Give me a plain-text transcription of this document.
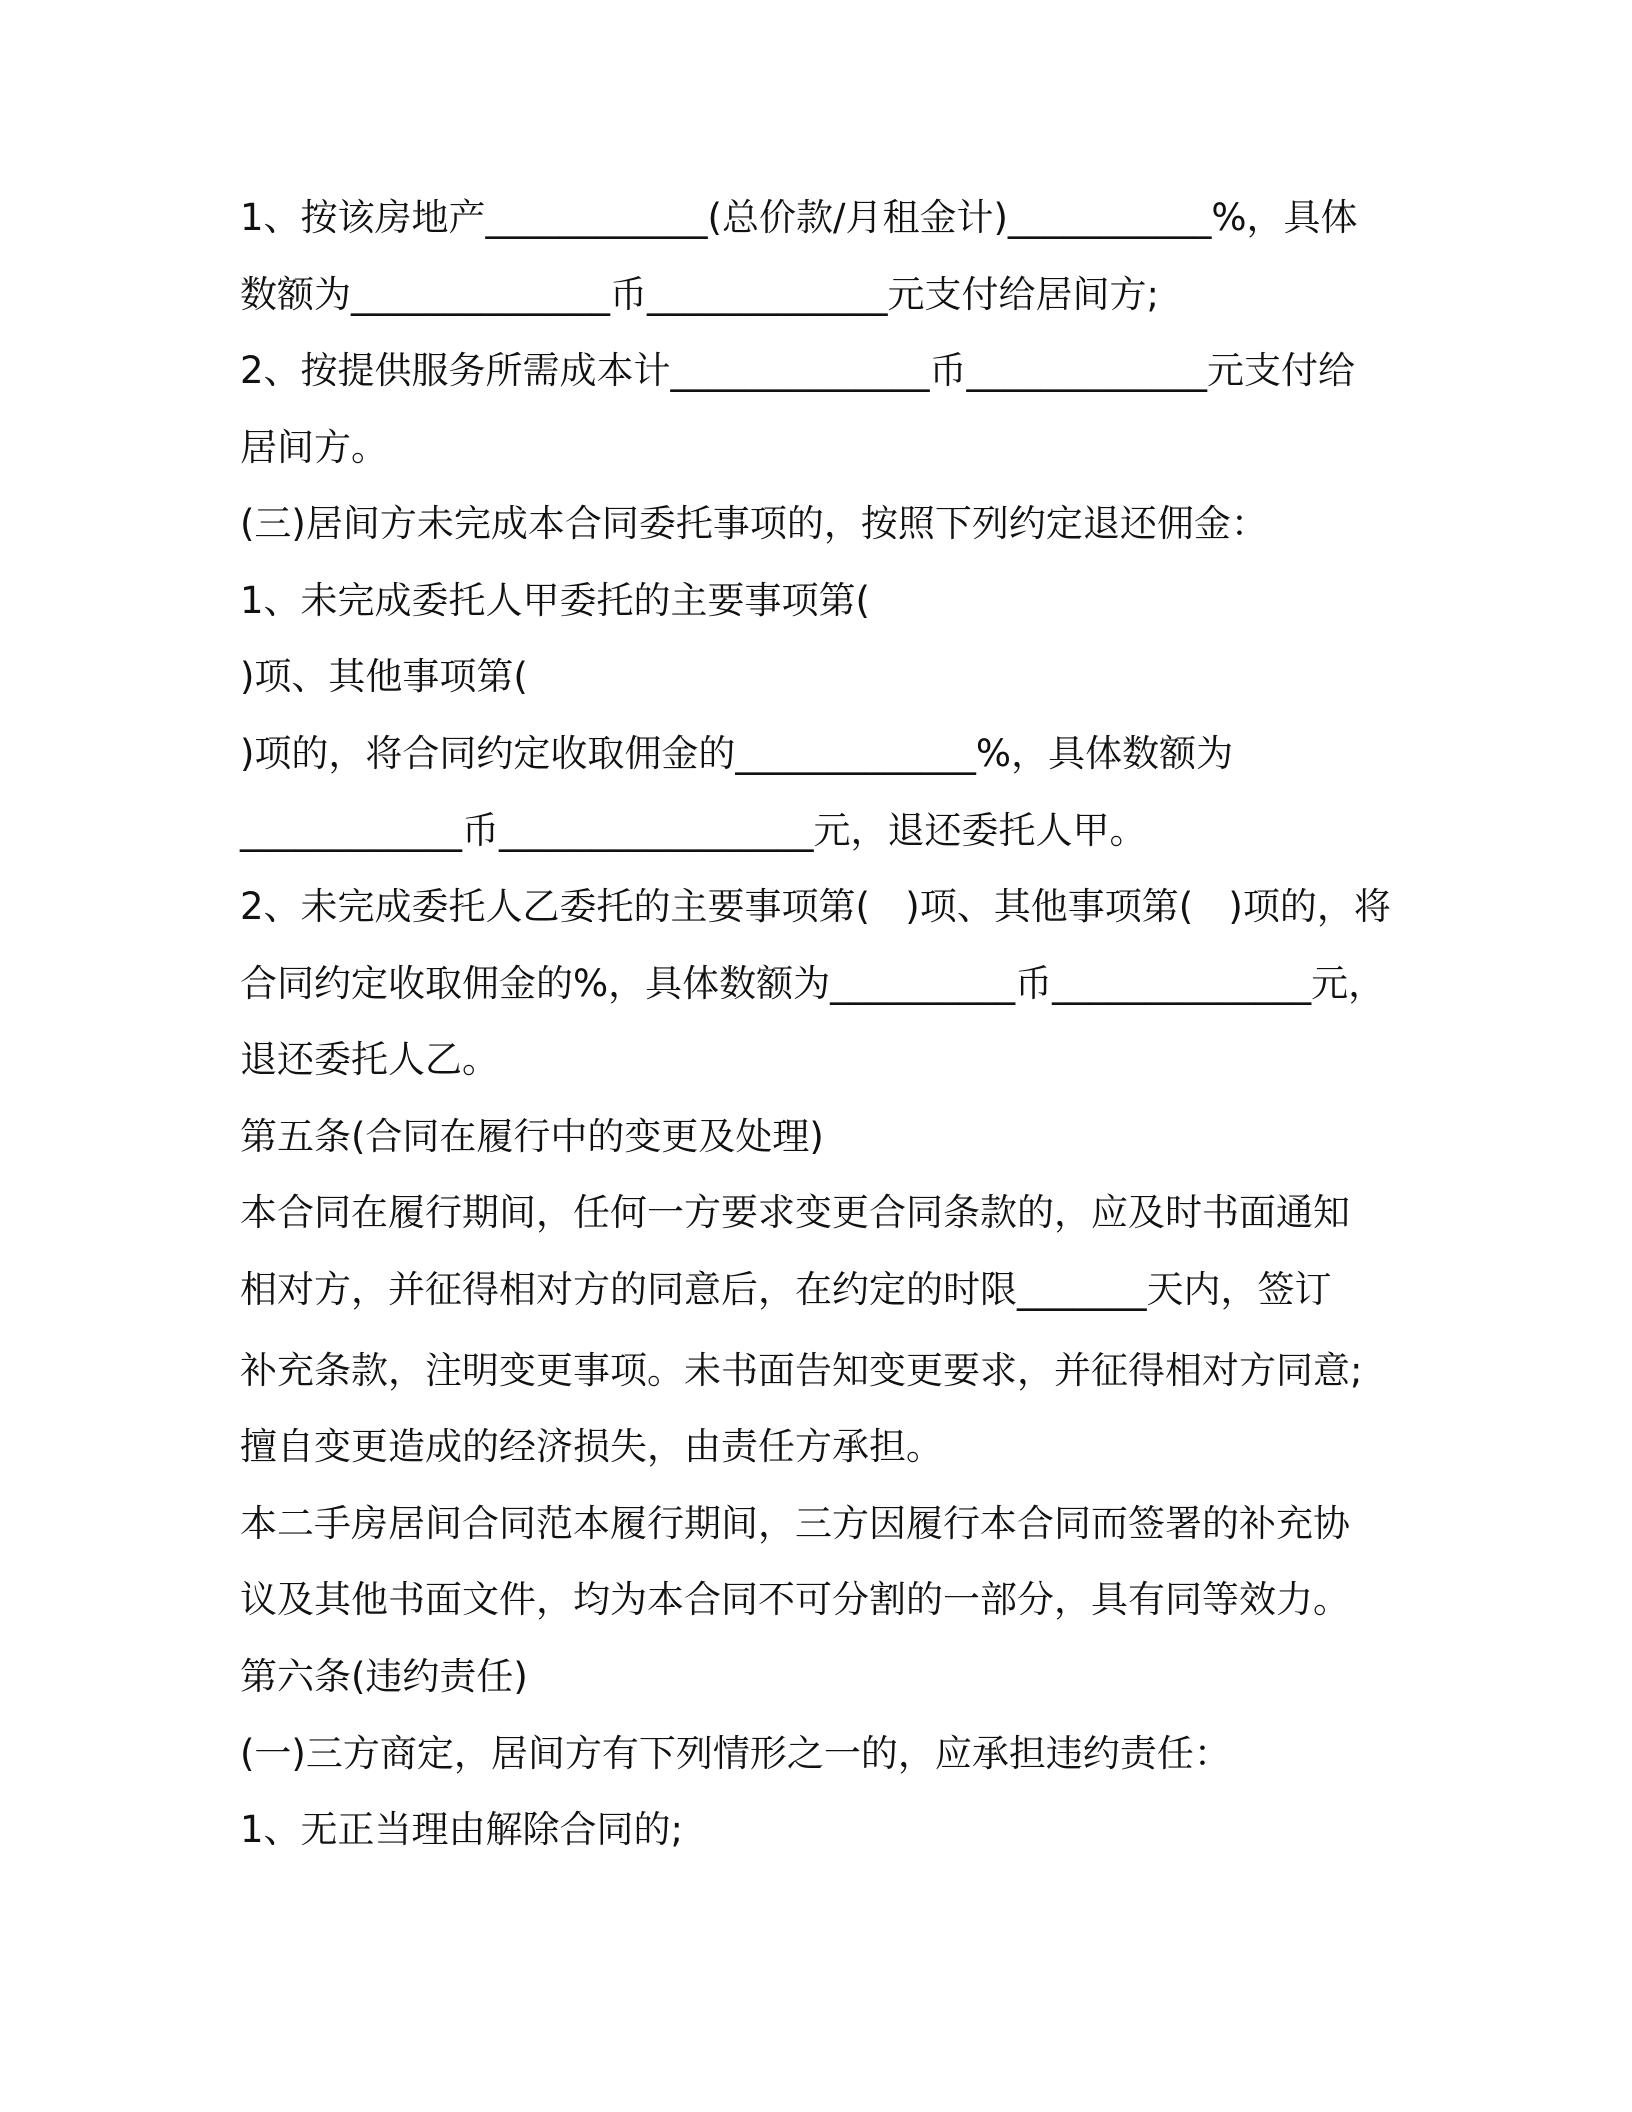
1、按该房地产____________(总价款/月租金计)___________%，具体

数额为______________币_____________元支付给居间方;

2、按提供服务所需成本计______________币_____________元支付给

居间方。

(三)居间方未完成本合同委托事项的，按照下列约定退还佣金：

1、未完成委托人甲委托的主要事项第(

)项、其他事项第(

)项的，将合同约定收取佣金的_____________%，具体数额为

____________币_________________元，退还委托人甲。

2、未完成委托人乙委托的主要事项第(   )项、其他事项第(   )项的，将

合同约定收取佣金的%，具体数额为__________币______________元，

退还委托人乙。

第五条(合同在履行中的变更及处理)

本合同在履行期间，任何一方要求变更合同条款的，应及时书面通知

相对方，并征得相对方的同意后，在约定的时限_______天内，签订

补充条款，注明变更事项。未书面告知变更要求，并征得相对方同意;

擅自变更造成的经济损失，由责任方承担。

本二手房居间合同范本履行期间，三方因履行本合同而签署的补充协

议及其他书面文件，均为本合同不可分割的一部分，具有同等效力。

第六条(违约责任)

(一)三方商定，居间方有下列情形之一的，应承担违约责任：

1、无正当理由解除合同的;
